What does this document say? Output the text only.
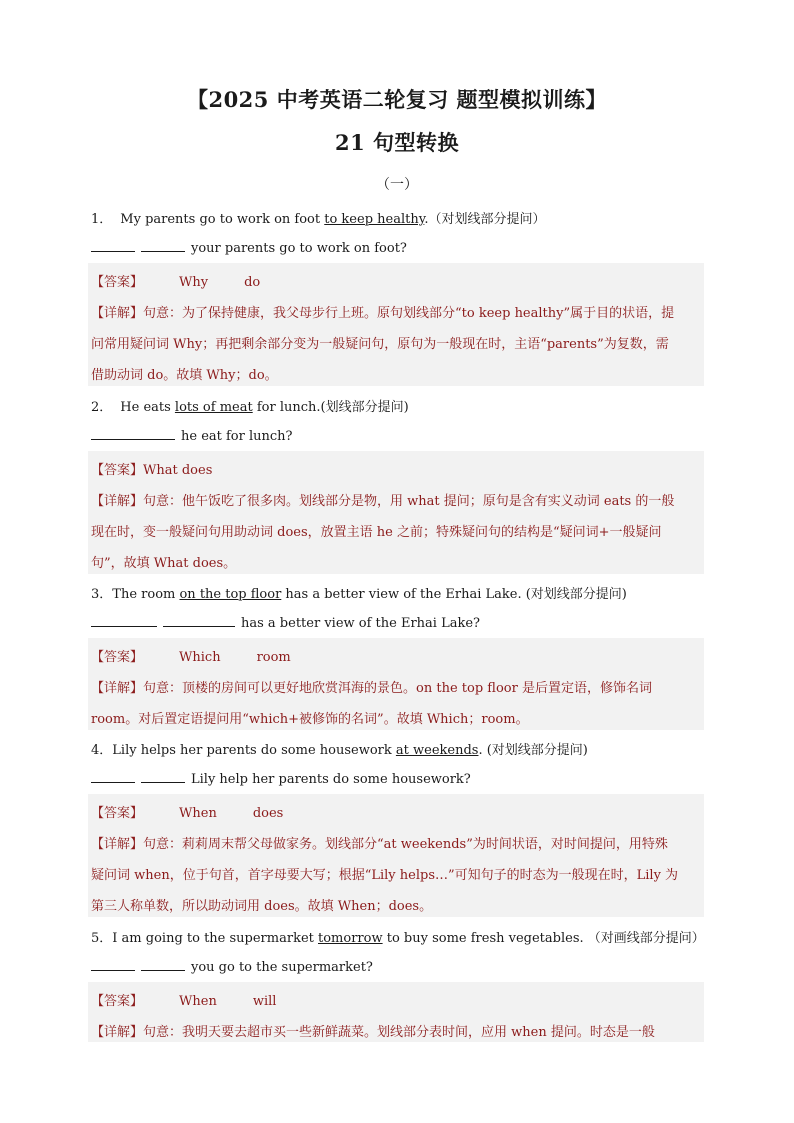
【2025 中考英语二轮复习 题型模拟训练】
21 句型转换
（一）
1． My parents go to work on foot to keep healthy.（对划线部分提问）
your parents go to work on foot?
【答案】	Why	do
【详解】句意：为了保持健康，我父母步行上班。原句划线部分“to keep healthy”属于目的状语，提
问常用疑问词 Why；再把剩余部分变为一般疑问句，原句为一般现在时，主语“parents”为复数，需
借助动词 do。故填 Why；do。
2． He eats lots of meat for lunch.(划线部分提问)
he eat for lunch?
【答案】What does
【详解】句意：他午饭吃了很多肉。划线部分是物，用 what 提问；原句是含有实义动词 eats 的一般
现在时，变一般疑问句用助动词 does，放置主语 he 之前；特殊疑问句的结构是“疑问词+一般疑问
句”，故填 What does。
3．The room on the top floor has a better view of the Erhai Lake. (对划线部分提问)
has a better view of the Erhai Lake?
【答案】	Which	room
【详解】句意：顶楼的房间可以更好地欣赏洱海的景色。on the top floor 是后置定语，修饰名词
room。对后置定语提问用“which+被修饰的名词”。故填 Which；room。
4．Lily helps her parents do some housework at weekends. (对划线部分提问)
Lily help her parents do some housework?
【答案】	When	does
【详解】句意：莉莉周末帮父母做家务。划线部分“at weekends”为时间状语，对时间提问，用特殊
疑问词 when，位于句首，首字母要大写；根据“Lily helps…”可知句子的时态为一般现在时，Lily 为
第三人称单数，所以助动词用 does。故填 When；does。
5．I am going to the supermarket tomorrow to buy some fresh vegetables. （对画线部分提问）
you go to the supermarket?
【答案】	When	will
【详解】句意：我明天要去超市买一些新鲜蔬菜。划线部分表时间，应用 when 提问。时态是一般
